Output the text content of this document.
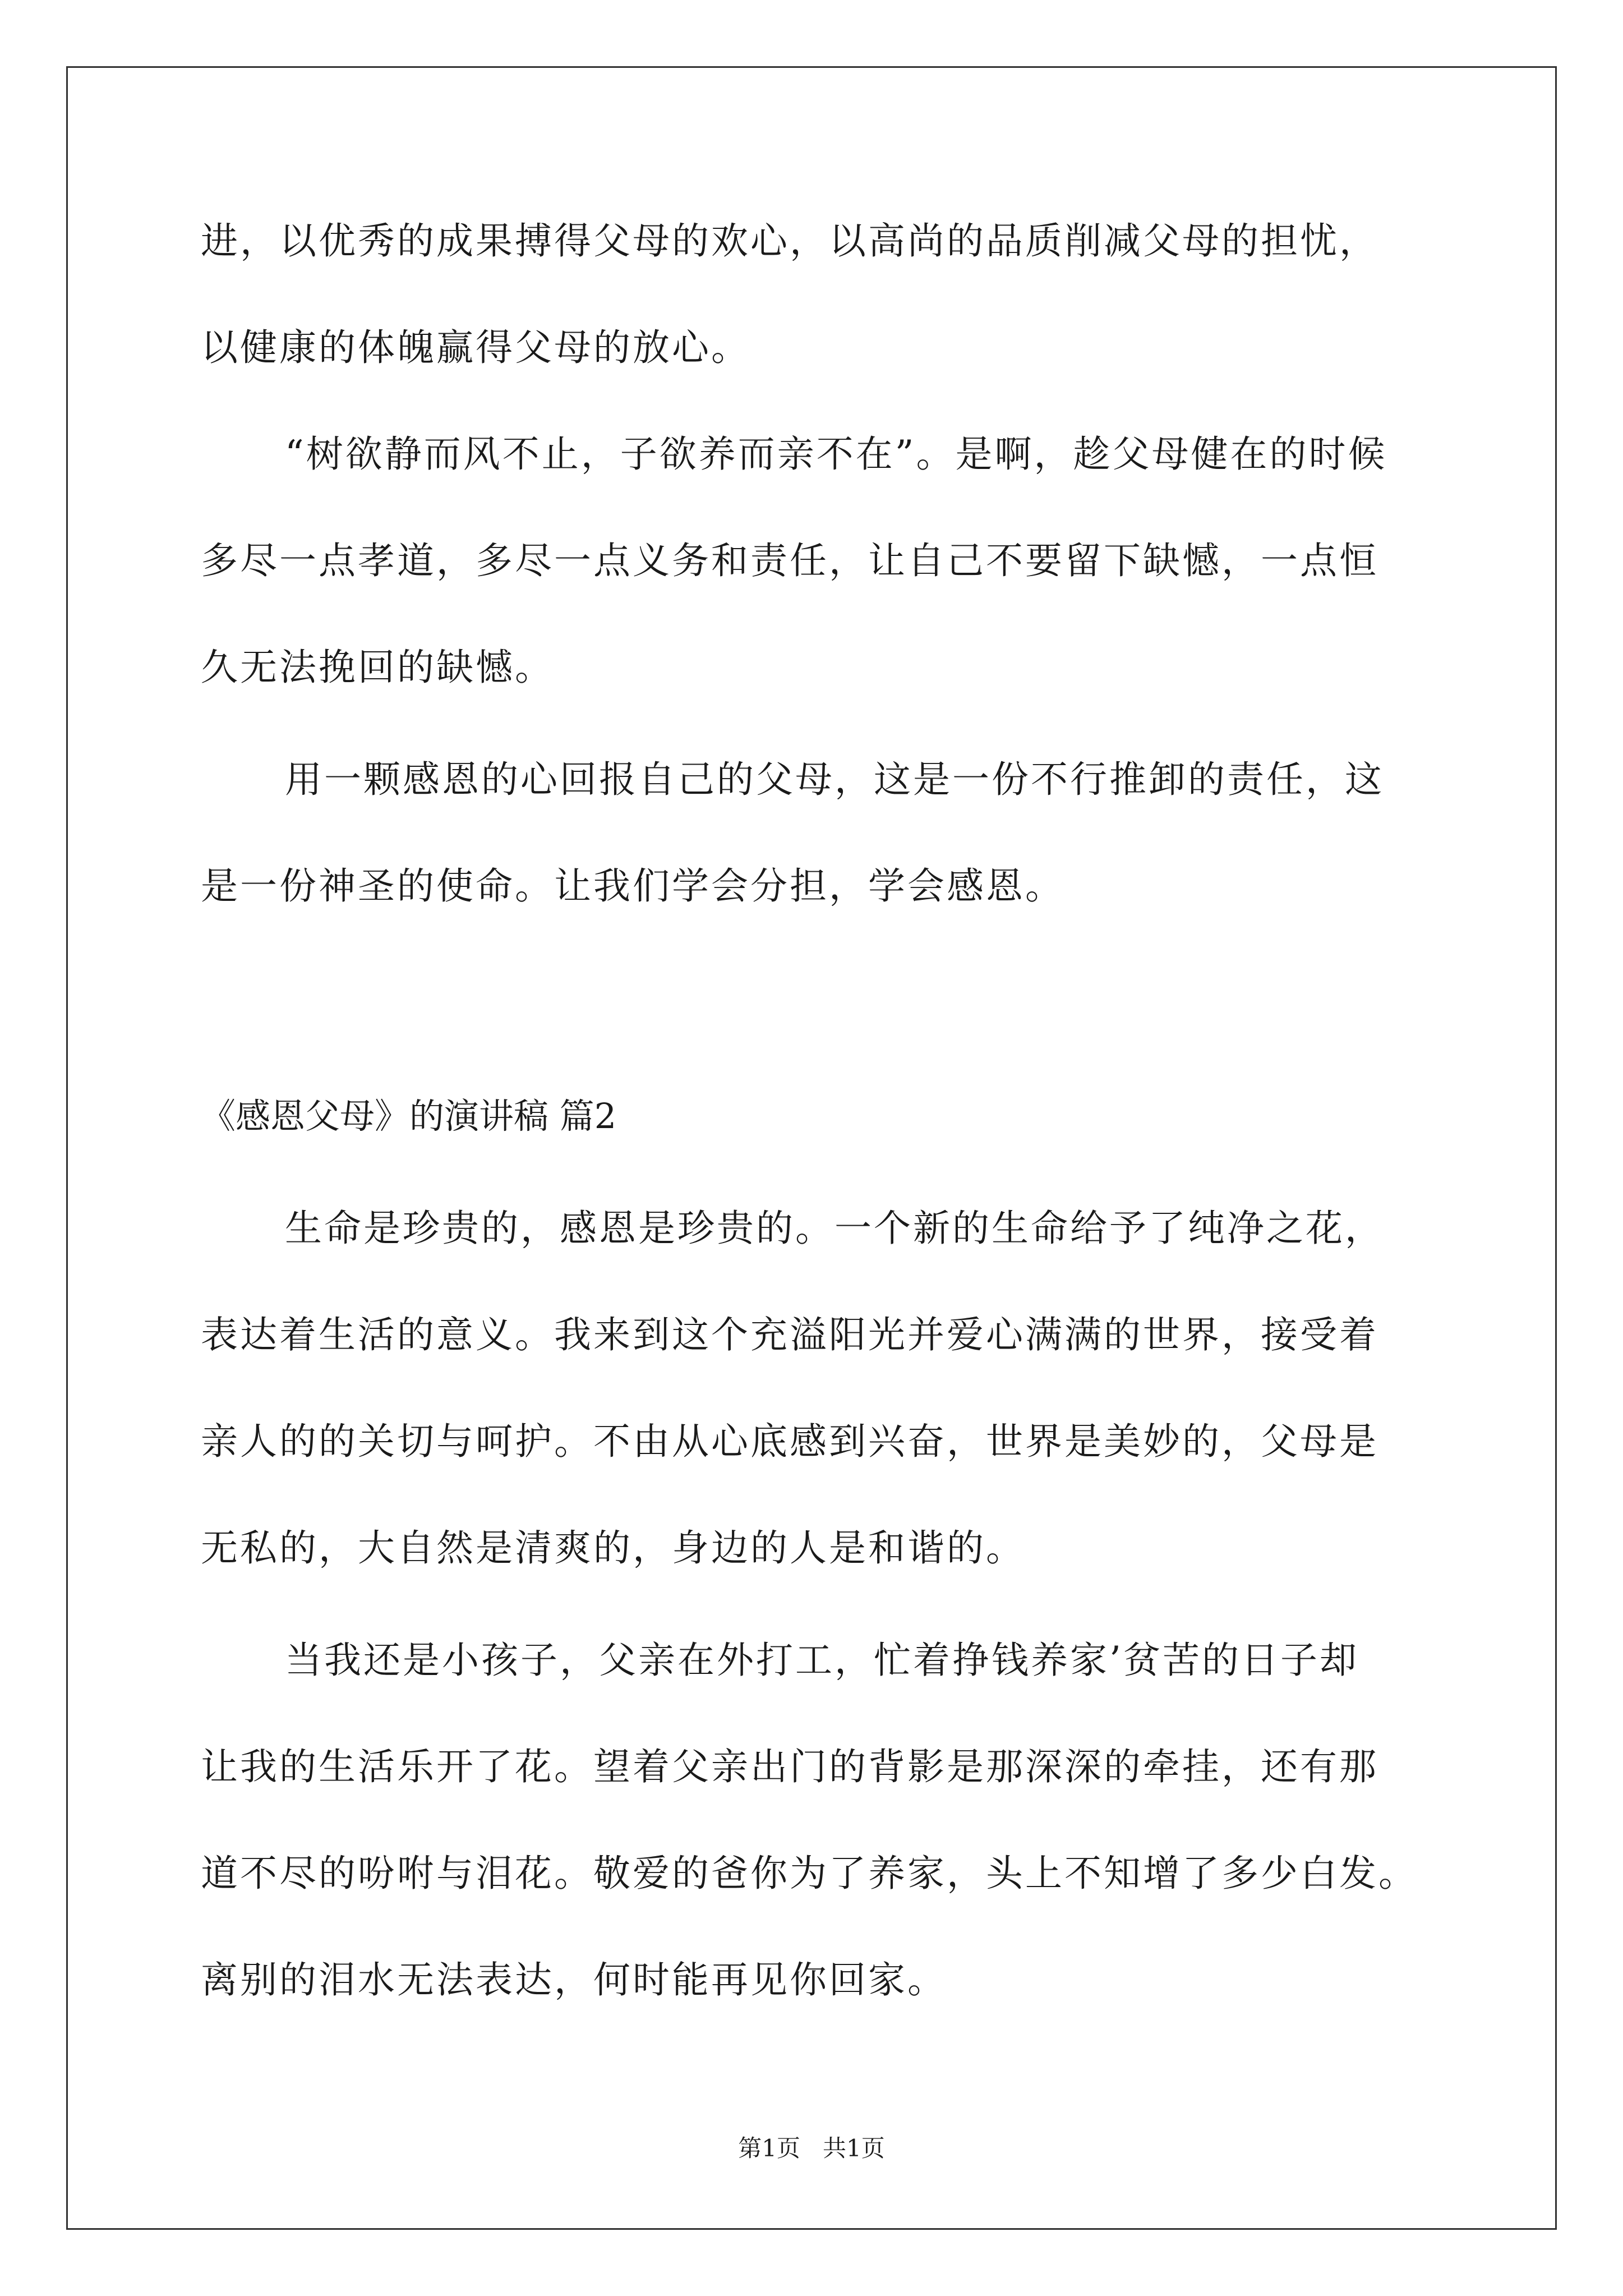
进，以优秀的成果搏得父母的欢心，以高尚的品质削减父母的担忧，
以健康的体魄赢得父母的放心。
“树欲静而风不止，子欲养而亲不在”。是啊，趁父母健在的时候
多尽一点孝道，多尽一点义务和责任，让自己不要留下缺憾，一点恒
久无法挽回的缺憾。
用一颗感恩的心回报自己的父母，这是一份不行推卸的责任，这
是一份神圣的使命。让我们学会分担，学会感恩。
《感恩父母》的演讲稿 篇2
生命是珍贵的，感恩是珍贵的。一个新的生命给予了纯净之花，
表达着生活的意义。我来到这个充溢阳光并爱心满满的世界，接受着
亲人的的关切与呵护。不由从心底感到兴奋，世界是美妙的，父母是
无私的，大自然是清爽的，身边的人是和谐的。
当我还是小孩子，父亲在外打工，忙着挣钱养家’贫苦的日子却
让我的生活乐开了花。望着父亲出门的背影是那深深的牵挂，还有那
道不尽的吩咐与泪花。敬爱的爸你为了养家，头上不知增了多少白发。
离别的泪水无法表达，何时能再见你回家。
第1页   共1页
